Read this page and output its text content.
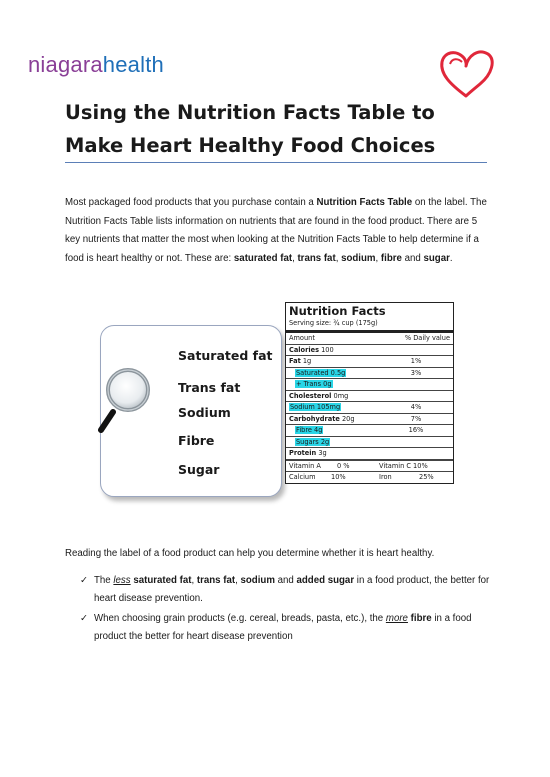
niagarahealth
Using the Nutrition Facts Table to Make Heart Healthy Food Choices
Most packaged food products that you purchase contain a Nutrition Facts Table on the label. The Nutrition Facts Table lists information on nutrients that are found in the food product. There are 5 key nutrients that matter the most when looking at the Nutrition Facts Table to help determine if a food is heart healthy or not. These are: saturated fat, trans fat, sodium, fibre and sugar.
Saturated fat
Trans fat
Sodium
Fibre
Sugar
Nutrition Facts
Serving size: ¾ cup (175g)
Amount	% Daily value
Calories 100
Fat 1g	1%
Saturated 0.5g	3%
+ Trans 0g
Cholesterol 0mg
Sodium 105mg	4%
Carbohydrate 20g	7%
Fibre 4g	16%
Sugars 2g
Protein 3g
Vitamin A	0 %	Vitamin C 10%
Calcium	10%	Iron	25%
Reading the label of a food product can help you determine whether it is heart healthy.
✓ The less saturated fat, trans fat, sodium and added sugar in a food product, the better for heart disease prevention.
✓ When choosing grain products (e.g. cereal, breads, pasta, etc.), the more fibre in a food product the better for heart disease prevention
